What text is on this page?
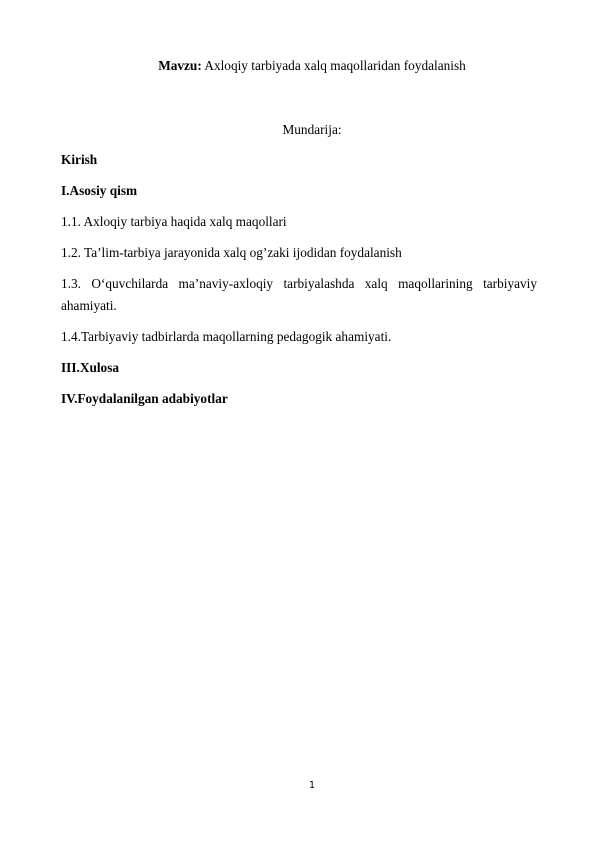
Mavzu: Axloqiy tarbiyada xalq maqollaridan foydalanish
Mundarija:
Kirish
I.Asosiy qism
1.1. Axloqiy tarbiya haqida xalq maqollari
1.2. Ta’lim-tarbiya jarayonida xalq og’zaki ijodidan foydalanish
1.3. O‘quvchilarda ma’naviy-axloqiy tarbiyalashda xalq maqollarining tarbiyaviy ahamiyati.
1.4.Tarbiyaviy tadbirlarda maqollarning pedagogik ahamiyati.
III.Xulosa
IV.Foydalanilgan adabiyotlar
1
